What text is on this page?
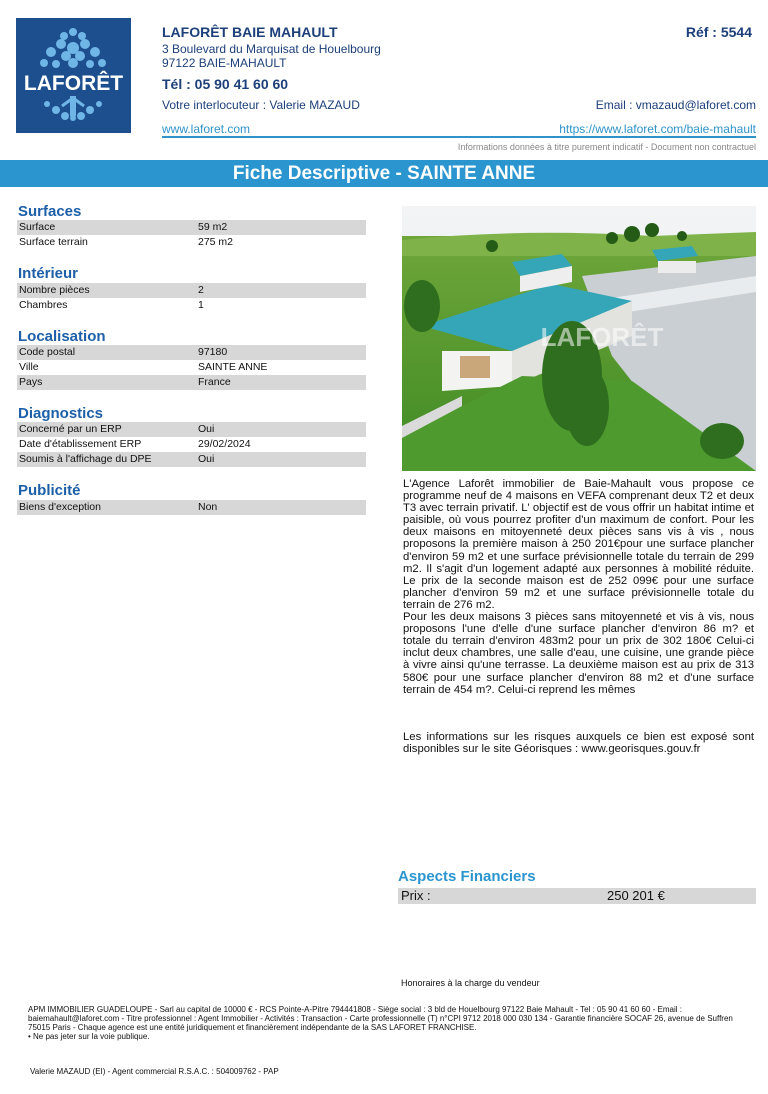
LAFORÊT
LAFORÊT BAIE MAHAULT	Réf : 5544
3 Boulevard du Marquisat de Houelbourg
97122 BAIE-MAHAULT
Tél : 05 90 41 60 60
Votre interlocuteur : Valerie MAZAUD	Email : vmazaud@laforet.com
www.laforet.com	https://www.laforet.com/baie-mahault
Informations données à titre purement indicatif - Document non contractuel
Fiche Descriptive - SAINTE ANNE
Surfaces
Surface	59 m2
Surface terrain	275 m2
Intérieur
Nombre pièces	2
Chambres	1
Localisation
Code postal	97180
Ville	SAINTE ANNE
Pays	France
Diagnostics
Concerné par un ERP	Oui
Date d'établissement ERP	29/02/2024
Soumis à l'affichage du DPE	Oui
Publicité
Biens d'exception	Non
LAFORÊT

L'Agence Laforêt immobilier de Baie-Mahault vous propose ce programme neuf de 4 maisons en VEFA comprenant deux T2 et deux T3 avec terrain privatif. L' objectif est de vous offrir un habitat intime et paisible, où vous pourrez profiter d'un maximum de confort. Pour les deux maisons en mitoyenneté deux pièces sans vis à vis , nous proposons la première maison à 250 201€pour une surface plancher d'environ 59 m2 et une surface prévisionnelle totale du terrain de 299 m2. Il s'agit d'un logement adapté aux personnes à mobilité réduite. Le prix de la seconde maison est de 252 099€ pour une surface plancher d'environ 59 m2 et une surface prévisionnelle totale du terrain de 276 m2.

Pour les deux maisons 3 pièces sans mitoyenneté et vis à vis, nous proposons l'une d'elle d'une surface plancher d'environ 86 m? et totale du terrain d'environ 483m2 pour un prix de 302 180€ Celui-ci inclut deux chambres, une salle d'eau, une cuisine, une grande pièce à vivre ainsi qu'une terrasse. La deuxième maison est au prix de 313 580€ pour une surface plancher d'environ 88 m2 et d'une surface terrain de 454 m?. Celui-ci reprend les mêmes

Les informations sur les risques auxquels ce bien est exposé sont disponibles sur le site Géorisques : www.georisques.gouv.fr
Aspects Financiers
Prix :	250 201 €
Honoraires à la charge du vendeur
APM IMMOBILIER GUADELOUPE - Sarl au capital de 10000 € - RCS Pointe-A-Pitre 794441808 - Siège social : 3 bld de Houelbourg 97122 Baie Mahault - Tel : 05 90 41 60 60 - Email : baiemahault@laforet.com - Titre professionnel : Agent Immobilier - Activités : Transaction - Carte professionnelle (T) n°CPI 9712 2018 000 030 134 - Garantie financière SOCAF 26, avenue de Suffren 75015 Paris - Chaque agence est une entité juridiquement et financièrement indépendante de la SAS LAFORET FRANCHISE.
• Ne pas jeter sur la voie publique.
Valerie MAZAUD (EI) - Agent commercial R.S.A.C. : 504009762 - PAP
